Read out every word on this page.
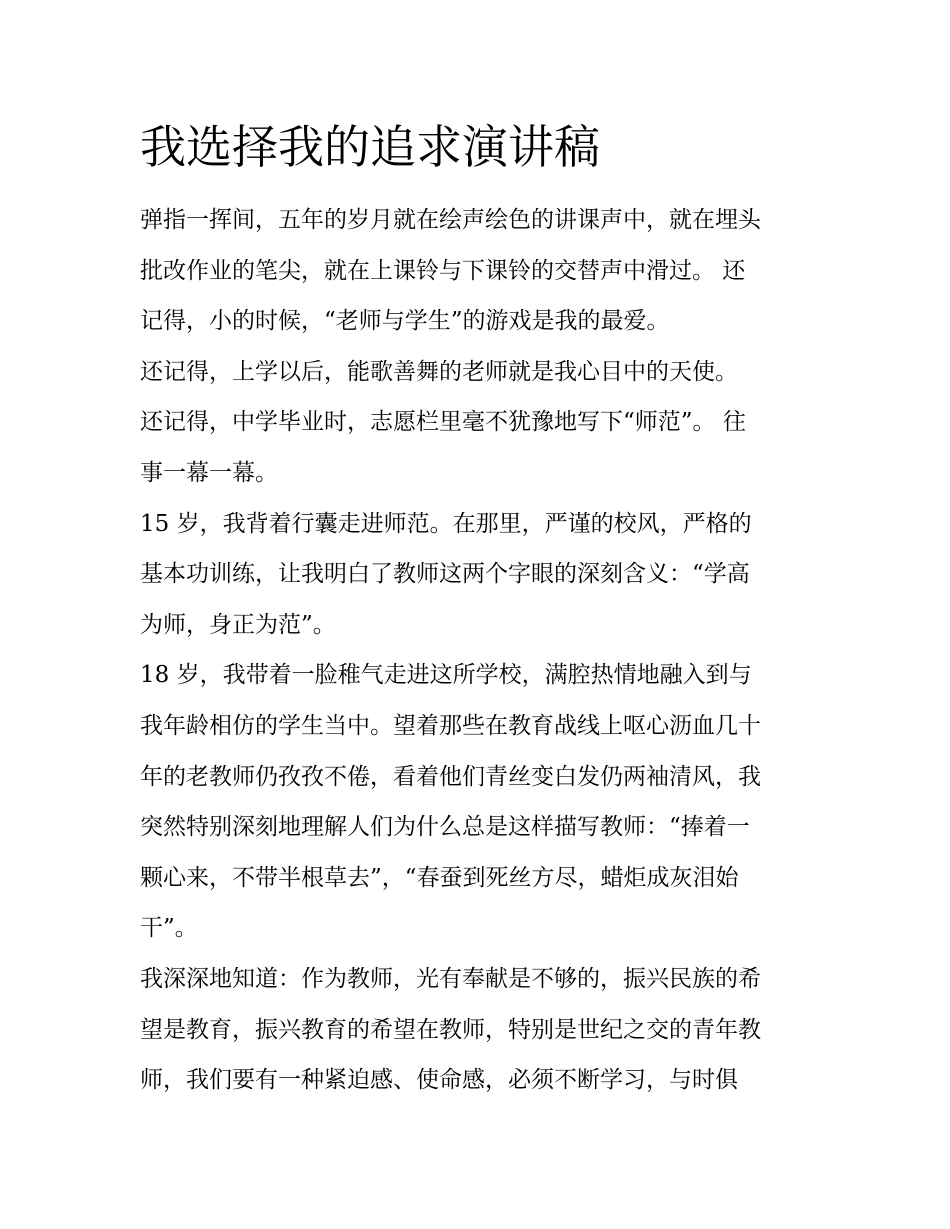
我选择我的追求演讲稿
弹指一挥间，五年的岁月就在绘声绘色的讲课声中，就在埋头
批改作业的笔尖，就在上课铃与下课铃的交替声中滑过。 还
记得，小的时候，“老师与学生”的游戏是我的最爱。
还记得，上学以后，能歌善舞的老师就是我心目中的天使。
还记得，中学毕业时，志愿栏里毫不犹豫地写下“师范”。 往
事一幕一幕。
15 岁，我背着行囊走进师范。在那里，严谨的校风，严格的
基本功训练，让我明白了教师这两个字眼的深刻含义：“学高
为师，身正为范”。
18 岁，我带着一脸稚气走进这所学校，满腔热情地融入到与
我年龄相仿的学生当中。望着那些在教育战线上呕心沥血几十
年的老教师仍孜孜不倦，看着他们青丝变白发仍两袖清风，我
突然特别深刻地理解人们为什么总是这样描写教师：“捧着一
颗心来，不带半根草去”，“春蚕到死丝方尽，蜡炬成灰泪始
干”。
我深深地知道：作为教师，光有奉献是不够的，振兴民族的希
望是教育，振兴教育的希望在教师，特别是世纪之交的青年教
师，我们要有一种紧迫感、使命感，必须不断学习，与时俱
